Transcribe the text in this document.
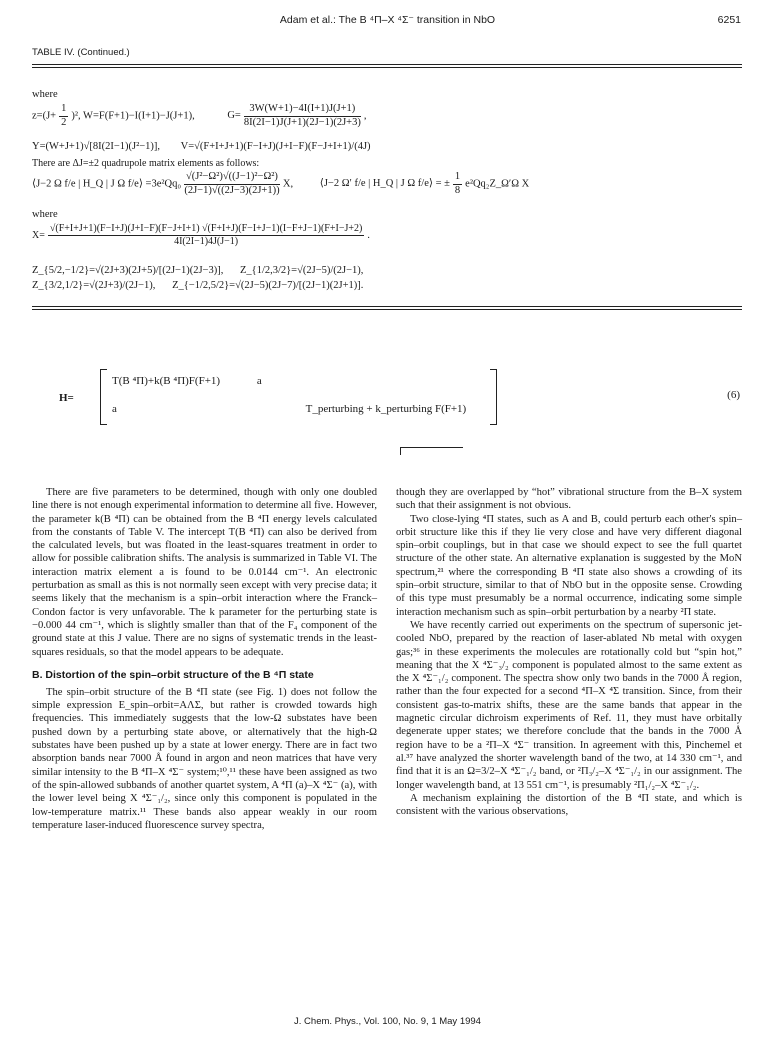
Adam et al.: The B ⁴Π–X ⁴Σ⁻ transition in NbO	6251
TABLE IV. (Continued.)
where
$z=(J+ \frac{1}{2} )^2$, W=F(F+1)−I(I+1)−J(J+1),	$G= \frac{3W(W+1)-4I(I+1)J(J+1)}{8I(2I-1)J(J+1)(2J-1)(2J+3)}$ ,
Y=(W+J+1)√[8I(2I−1)(J²−1)], V=√(F+I+J+1)(F−I+J)(J+I−F)(F−J+I+1)/(4J)
There are ΔJ=±2 quadrupole matrix elements as follows:
⟨J−2 Ω f/e | H_Q | J Ω f/e⟩ $=3e^2Qq_0 \frac{\text{√(J²−Ω²)√((J−1)²−Ω²)}}{(2J-1)√((2J-3)(2J+1))} X$,	⟨J−2 Ω′ f/e | H_Q | J Ω f/e⟩ = ± $\frac{1}{8}$ e²Qq₂Z_Ω′Ω X
where
X=
√(F+I+J+1)(F−I+J)(J+I−F)(F−J+I+1) √(F+I+J)(F−I+J−1)(I−F+J−1)(F+I−J+2)
4I(2I−1)4J(J−1)
.
Z_{5/2,−1/2}=√(2J+3)(2J+5)/[(2J−1)(2J−3)], Z_{1/2,3/2}=√(2J−5)/(2J−1),
Z_{3/2,1/2}=√(2J+3)/(2J−1), Z_{−1/2,5/2}=√(2J−5)(2J−7)/[(2J−1)(2J+1)].
H=
T(B ⁴Π)+k(B ⁴Π)F(F+1)	a
a	T_perturbing + k_perturbing F(F+1)
(6)

There are five parameters to be determined, though with only one doubled line there is not enough experimental information to determine all five. However, the parameter k(B ⁴Π) can be obtained from the B ⁴Π energy levels calculated from the constants of Table V. The intercept T(B ⁴Π) can also be derived from the calculated levels, but was floated in the least-squares treatment in order to allow for possible calibration shifts. The analysis is summarized in Table VI. The interaction matrix element a is found to be 0.0144 cm⁻¹. An electronic perturbation as small as this is not normally seen except with very precise data; it seems likely that the mechanism is a spin–orbit interaction where the Franck–Condon factor is very unfavorable. The k parameter for the perturbing state is −0.000 44 cm⁻¹, which is slightly smaller than that of the F₄ component of the ground state at this J value. There are no signs of systematic trends in the least-squares residuals, so that the model appears to be adequate.

B. Distortion of the spin–orbit structure of the B ⁴Π state

The spin–orbit structure of the B ⁴Π state (see Fig. 1) does not follow the simple expression E_spin–orbit=AΛΣ, but rather is crowded towards high frequencies. This immediately suggests that the low-Ω substates have been pushed down by a perturbing state above, or alternatively that the high-Ω substates have been pushed up by a state at lower energy. There are in fact two absorption bands near 7000 Å found in argon and neon matrices that have very similar intensity to the B ⁴Π–X ⁴Σ⁻ system;¹⁰,¹¹ these have been assigned as two of the spin-allowed subbands of another quartet system, A ⁴Π (a)–X ⁴Σ⁻ (a), with the lower level being X ⁴Σ⁻₁/₂, since only this component is populated in the low-temperature matrix.¹¹ These bands also appear weakly in our room temperature laser-induced fluorescence survey spectra,

though they are overlapped by “hot” vibrational structure from the B–X system such that their assignment is not obvious.

Two close-lying ⁴Π states, such as A and B, could perturb each other's spin–orbit structure like this if they lie very close and have very different diagonal spin–orbit couplings, but in that case we should expect to see the full quartet structure of the other state. An alternative explanation is suggested by the MoN spectrum,²¹ where the corresponding B ⁴Π state also shows a crowding of its spin–orbit structure, similar to that of NbO but in the opposite sense. Crowding of this type must presumably be a normal occurrence, indicating some simple interaction mechanism such as spin–orbit perturbation by a nearby ²Π state.

We have recently carried out experiments on the spectrum of supersonic jet-cooled NbO, prepared by the reaction of laser-ablated Nb metal with oxygen gas;³⁶ in these experiments the molecules are rotationally cold but “spin hot,” meaning that the X ⁴Σ⁻₃/₂ component is populated almost to the same extent as the X ⁴Σ⁻₁/₂ component. The spectra show only two bands in the 7000 Å region, rather than the four expected for a second ⁴Π–X ⁴Σ transition. Since, from their consistent gas-to-matrix shifts, these are the same bands that appear in the magnetic circular dichroism experiments of Ref. 11, they must have orbitally degenerate upper states; we therefore conclude that the bands in the 7000 Å region have to be a ²Π–X ⁴Σ⁻ transition. In agreement with this, Pinchemel et al.³⁷ have analyzed the shorter wavelength band of the two, at 14 330 cm⁻¹, and find that it is an Ω=3/2–X ⁴Σ⁻₁/₂ band, or ²Π₃/₂–X ⁴Σ⁻₁/₂ in our assignment. The longer wavelength band, at 13 551 cm⁻¹, is presumably ²Π₁/₂–X ⁴Σ⁻₁/₂.

A mechanism explaining the distortion of the B ⁴Π state, and which is consistent with the various observations,

J. Chem. Phys., Vol. 100, No. 9, 1 May 1994
